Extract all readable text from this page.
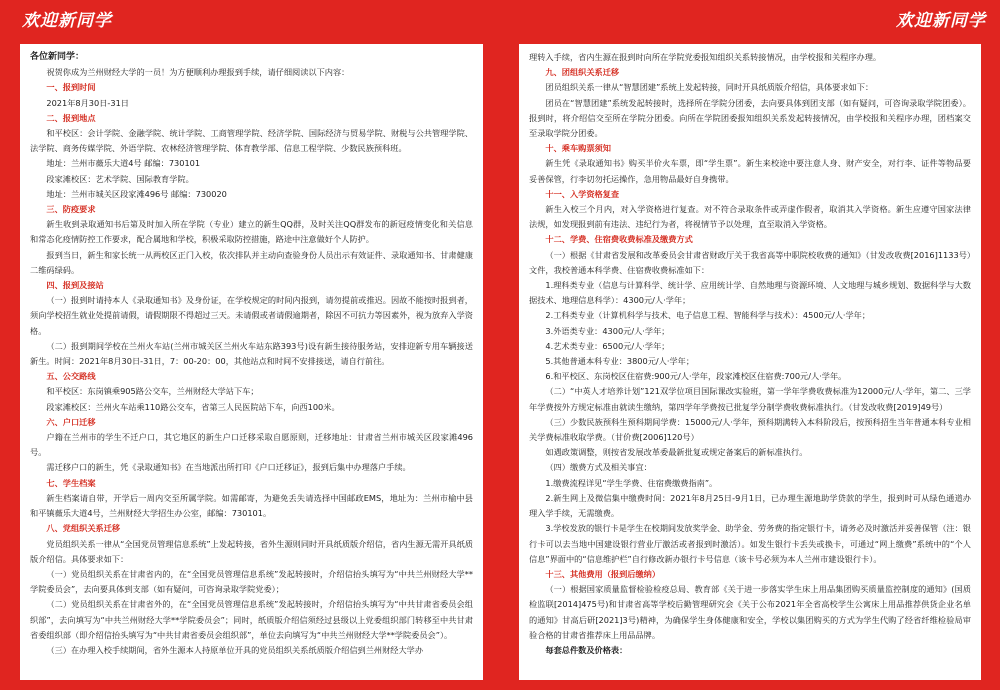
欢迎新同学	欢迎新同学
各位新同学：
祝贺你成为兰州财经大学的一员！为方便顺利办理报到手续，请仔细阅读以下内容：
一、报到时间
2021年8月30日-31日
二、报到地点
和平校区：会计学院、金融学院、统计学院、工商管理学院、经济学院、国际经济与贸易学院、财税与公共管理学院、法学院、商务传媒学院、外语学院、农林经济管理学院、体育教学部、信息工程学院、少数民族预科班。
地址：兰州市薇乐大道4号 邮编：730101
段家滩校区：艺术学院、国际教育学院。
地址：兰州市城关区段家滩496号 邮编：730020
三、防疫要求
新生收到录取通知书后第及时加入所在学院（专业）建立的新生QQ群，及时关注QQ群发布的新冠疫情变化和关信息和常态化疫情防控工作要求，配合属地和学校，积极采取防控措施，路途中注意做好个人防护。
报到当日，新生和家长统一从两校区正门入校，依次排队并主动向查验身份人员出示有效证件、录取通知书、甘肃健康二维码绿码。
四、报到及接站
（一）报到时请持本人《录取通知书》及身份证，在学校规定的时间内报到，请勿提前或推迟。因故不能按时报到者，须向学校招生就业处提前请假，请假期限不得超过三天。未请假或者请假逾期者，除因不可抗力等因素外，视为放弃入学资格。
（二）报到期间学校在兰州火车站(兰州市城关区兰州火车站东路393号)设有新生接待服务站，安排迎新专用车辆接送新生。时间：2021年8月30日-31日，7：00-20：00，其他站点和时间不安排接送，请自行前往。
五、公交路线
和平校区：东岗镇乘905路公交车，兰州财经大学站下车；
段家滩校区：兰州火车站乘110路公交车，省第三人民医院站下车，向西100米。
六、户口迁移
户籍在兰州市的学生不迁户口，其它地区的新生户口迁移采取自愿原则，迁移地址：甘肃省兰州市城关区段家滩496号。
需迁移户口的新生，凭《录取通知书》在当地派出所打印《户口迁移证》，报到后集中办理落户手续。
七、学生档案
新生档案请自带，开学后一周内交至所属学院。如需邮寄，为避免丢失请选择中国邮政EMS，地址为：兰州市榆中县和平镇薇乐大道4号，兰州财经大学招生办公室，邮编：730101。
八、党组织关系迁移
党员组织关系一律从“全国党员管理信息系统”上发起转接，省外生源则同时开具纸质版介绍信，省内生源无需开具纸质版介绍信。具体要求如下：
（一）党员组织关系在甘肃省内的，在“全国党员管理信息系统”发起转接时，介绍信抬头填写为“中共兰州财经大学**学院委员会”，去向要具体到支部（如有疑问，可咨询录取学院党委）；
（二）党员组织关系在甘肃省外的，在“全国党员管理信息系统”发起转接时，介绍信抬头填写为“中共甘肃省委员会组织部”，去向填写为“中共兰州财经大学**学院委员会”；同时，纸质版介绍信须经过县级以上党委组织部门转移至中共甘肃省委组织部（即介绍信抬头填写为“中共甘肃省委员会组织部”，单位去向填写为“中共兰州财经大学**学院委员会”）。
（三）在办理入校手续期间，省外生源本人持原单位开具的党员组织关系纸质版介绍信到兰州财经大学办
理转入手续，省内生源在报到时向所在学院党委报知组织关系转接情况，由学校报和关程序办理。
九、团组织关系迁移
团员组织关系一律从“智慧团建”系统上发起转接，同时开具纸质版介绍信，具体要求如下：
团员在“智慧团建”系统发起转接时，选择所在学院分团委，去向要具体到团支部（如有疑问，可咨询录取学院团委）。报到时，将介绍信交至所在学院分团委。向所在学院团委报知组织关系发起转接情况，由学校报和关程序办理，团档案交至录取学院分团委。
十、乘车购票须知
新生凭《录取通知书》购买半价火车票，即“学生票”。新生来校途中要注意人身、财产安全，对行李、证件等物品要妥善保管，行李切勿托运操作，急用物品最好自身携带。
十一、入学资格复查
新生入校三个月内，对入学资格进行复查。对不符合录取条件或弄虚作假者，取消其入学资格。新生应遵守国家法律法规，如发现报到前有违法、违纪行为者，将视情节予以处理，直至取消入学资格。
十二、学费、住宿费收费标准及缴费方式
（一）根据《甘肃省发展和改革委员会甘肃省财政厅关于我省高等中职院校收费的通知》（甘发改收费[2016]1133号）文件，我校普通本科学费、住宿费收费标准如下：
1.理科类专业（信息与计算科学、统计学、应用统计学、自然地理与资源环境、人文地理与城乡规划、数据科学与大数据技术、地理信息科学）：4300元/人·学年；
2.工科类专业（计算机科学与技术、电子信息工程、智能科学与技术）：4500元/人·学年；
3.外语类专业：4300元/人·学年；
4.艺术类专业：6500元/人·学年；
5.其他普通本科专业：3800元/人·学年；
6.和平校区、东岗校区住宿费:900元/人·学年，段家滩校区住宿费:700元/人·学年。
（二）“中英人才培养计划”121双学位项目国际课改实验班，第一学年学费收费标准为12000元/人·学年，第二、三学年学费按外方规定标准由就读生缴纳，第四学年学费按已批复学分制学费收费标准执行。（甘发改收费[2019]49号）
（三）少数民族预科生预科期间学费：15000元/人·学年，预科期满转入本科阶段后，按预科招生当年普通本科专业相关学费标准收取学费。（甘价费[2006]120号）
如遇政策调整，则按省发展改革委最新批复或规定备案后的新标准执行。
（四）缴费方式及相关事宜：
1.缴费流程详见“学生学费、住宿费缴费指南”。
2.新生网上及微信集中缴费时间：2021年8月25日-9月1日，已办理生源地助学贷款的学生，报到时可从绿色通道办理入学手续，无需缴费。
3.学校发放的银行卡是学生在校期间发放奖学金、助学金、劳务费的指定银行卡，请务必及时激活并妥善保管（注：银行卡可以去当地中国建设银行营业厅激活或者报到时激活）。如发生银行卡丢失或换卡，可通过“网上缴费”系统中的“个人信息”界面中的“信息维护栏”自行修改新办银行卡号信息（该卡号必须为本人兰州市建设银行卡）。
十三、其他费用（报到后缴纳）
（一）根据国家质量监督检验检疫总局、教育部《关于进一步落实学生床上用品集团购买质量监控制度的通知》(国质检监联[2014]475号)和甘肃省高等学校后勤管理研究会《关于公布2021年全省高校学生公寓床上用品推荐供货企业名单的通知》甘高后研[2021]3号)精神，为确保学生身体健康和安全，学校以集团购买的方式为学生代购了经省纤维检验局审验合格的甘肃省推荐床上用品品牌。
每套总件数及价格表：
